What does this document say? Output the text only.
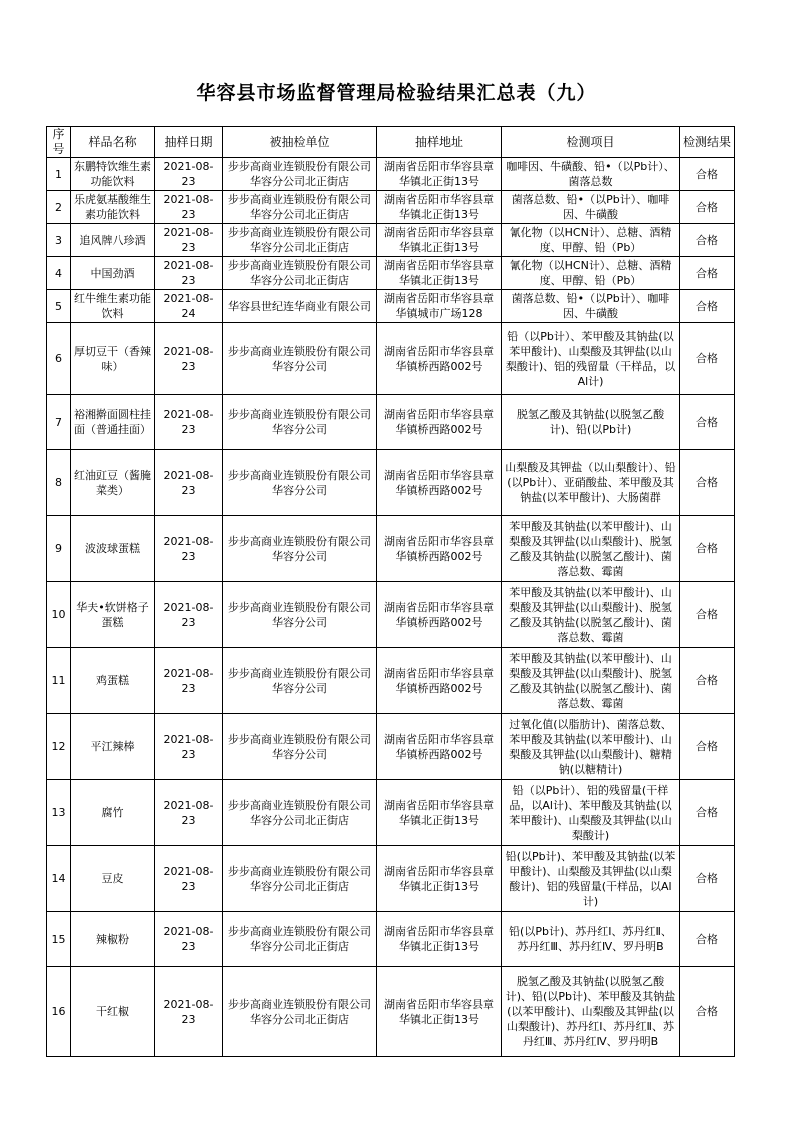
华容县市场监督管理局检验结果汇总表（九）
序号	样品名称	抽样日期	被抽检单位	抽样地址	检测项目	检测结果
1	东鹏特饮维生素功能饮料	2021-08-23	步步高商业连锁股份有限公司华容分公司北正街店	湖南省岳阳市华容县章华镇北正街13号	咖啡因、牛磺酸、铅•（以Pb计）、菌落总数	合格
2	乐虎氨基酸维生素功能饮料	2021-08-23	步步高商业连锁股份有限公司华容分公司北正街店	湖南省岳阳市华容县章华镇北正街13号	菌落总数、铅•（以Pb计）、咖啡因、牛磺酸	合格
3	追风牌八珍酒	2021-08-23	步步高商业连锁股份有限公司华容分公司北正街店	湖南省岳阳市华容县章华镇北正街13号	氰化物（以HCN计）、总糖、酒精度、甲醇、铅（Pb）	合格
4	中国劲酒	2021-08-23	步步高商业连锁股份有限公司华容分公司北正街店	湖南省岳阳市华容县章华镇北正街13号	氰化物（以HCN计）、总糖、酒精度、甲醇、铅（Pb）	合格
5	红牛维生素功能饮料	2021-08-24	华容县世纪连华商业有限公司	湖南省岳阳市华容县章华镇城市广场128	菌落总数、铅•（以Pb计）、咖啡因、牛磺酸	合格
6	厚切豆干（香辣味）	2021-08-23	步步高商业连锁股份有限公司华容分公司	湖南省岳阳市华容县章华镇桥西路002号	铅（以Pb计）、苯甲酸及其钠盐(以苯甲酸计)、山梨酸及其钾盐(以山梨酸计)、铝的残留量（干样品，以Al计)	合格
7	裕湘擀面圆柱挂面（普通挂面）	2021-08-23	步步高商业连锁股份有限公司华容分公司	湖南省岳阳市华容县章华镇桥西路002号	脱氢乙酸及其钠盐(以脱氢乙酸计)、铅(以Pb计)	合格
8	红油豇豆（酱腌菜类）	2021-08-23	步步高商业连锁股份有限公司华容分公司	湖南省岳阳市华容县章华镇桥西路002号	山梨酸及其钾盐（以山梨酸计）、铅(以Pb计）、亚硝酸盐、苯甲酸及其钠盐(以苯甲酸计)、大肠菌群	合格
9	波波球蛋糕	2021-08-23	步步高商业连锁股份有限公司华容分公司	湖南省岳阳市华容县章华镇桥西路002号	苯甲酸及其钠盐(以苯甲酸计)、山梨酸及其钾盐(以山梨酸计)、脱氢乙酸及其钠盐(以脱氢乙酸计)、菌落总数、霉菌	合格
10	华夫•软饼格子蛋糕	2021-08-23	步步高商业连锁股份有限公司华容分公司	湖南省岳阳市华容县章华镇桥西路002号	苯甲酸及其钠盐(以苯甲酸计)、山梨酸及其钾盐(以山梨酸计)、脱氢乙酸及其钠盐(以脱氢乙酸计)、菌落总数、霉菌	合格
11	鸡蛋糕	2021-08-23	步步高商业连锁股份有限公司华容分公司	湖南省岳阳市华容县章华镇桥西路002号	苯甲酸及其钠盐(以苯甲酸计)、山梨酸及其钾盐(以山梨酸计)、脱氢乙酸及其钠盐(以脱氢乙酸计)、菌落总数、霉菌	合格
12	平江辣棒	2021-08-23	步步高商业连锁股份有限公司华容分公司	湖南省岳阳市华容县章华镇桥西路002号	过氧化值(以脂肪计)、菌落总数、苯甲酸及其钠盐(以苯甲酸计)、山梨酸及其钾盐(以山梨酸计)、糖精钠(以糖精计)	合格
13	腐竹	2021-08-23	步步高商业连锁股份有限公司华容分公司北正街店	湖南省岳阳市华容县章华镇北正街13号	铅（以Pb计）、铝的残留量(干样品，以Al计)、苯甲酸及其钠盐(以苯甲酸计)、山梨酸及其钾盐(以山梨酸计)	合格
14	豆皮	2021-08-23	步步高商业连锁股份有限公司华容分公司北正街店	湖南省岳阳市华容县章华镇北正街13号	铅(以Pb计)、苯甲酸及其钠盐(以苯甲酸计)、山梨酸及其钾盐(以山梨酸计)、铝的残留量(干样品，以Al计)	合格
15	辣椒粉	2021-08-23	步步高商业连锁股份有限公司华容分公司北正街店	湖南省岳阳市华容县章华镇北正街13号	铅(以Pb计)、苏丹红Ⅰ、苏丹红Ⅱ、苏丹红Ⅲ、苏丹红Ⅳ、罗丹明B	合格
16	干红椒	2021-08-23	步步高商业连锁股份有限公司华容分公司北正街店	湖南省岳阳市华容县章华镇北正街13号	脱氢乙酸及其钠盐(以脱氢乙酸计)、铅(以Pb计)、苯甲酸及其钠盐(以苯甲酸计)、山梨酸及其钾盐(以山梨酸计)、苏丹红Ⅰ、苏丹红Ⅱ、苏丹红Ⅲ、苏丹红Ⅳ、罗丹明B	合格
